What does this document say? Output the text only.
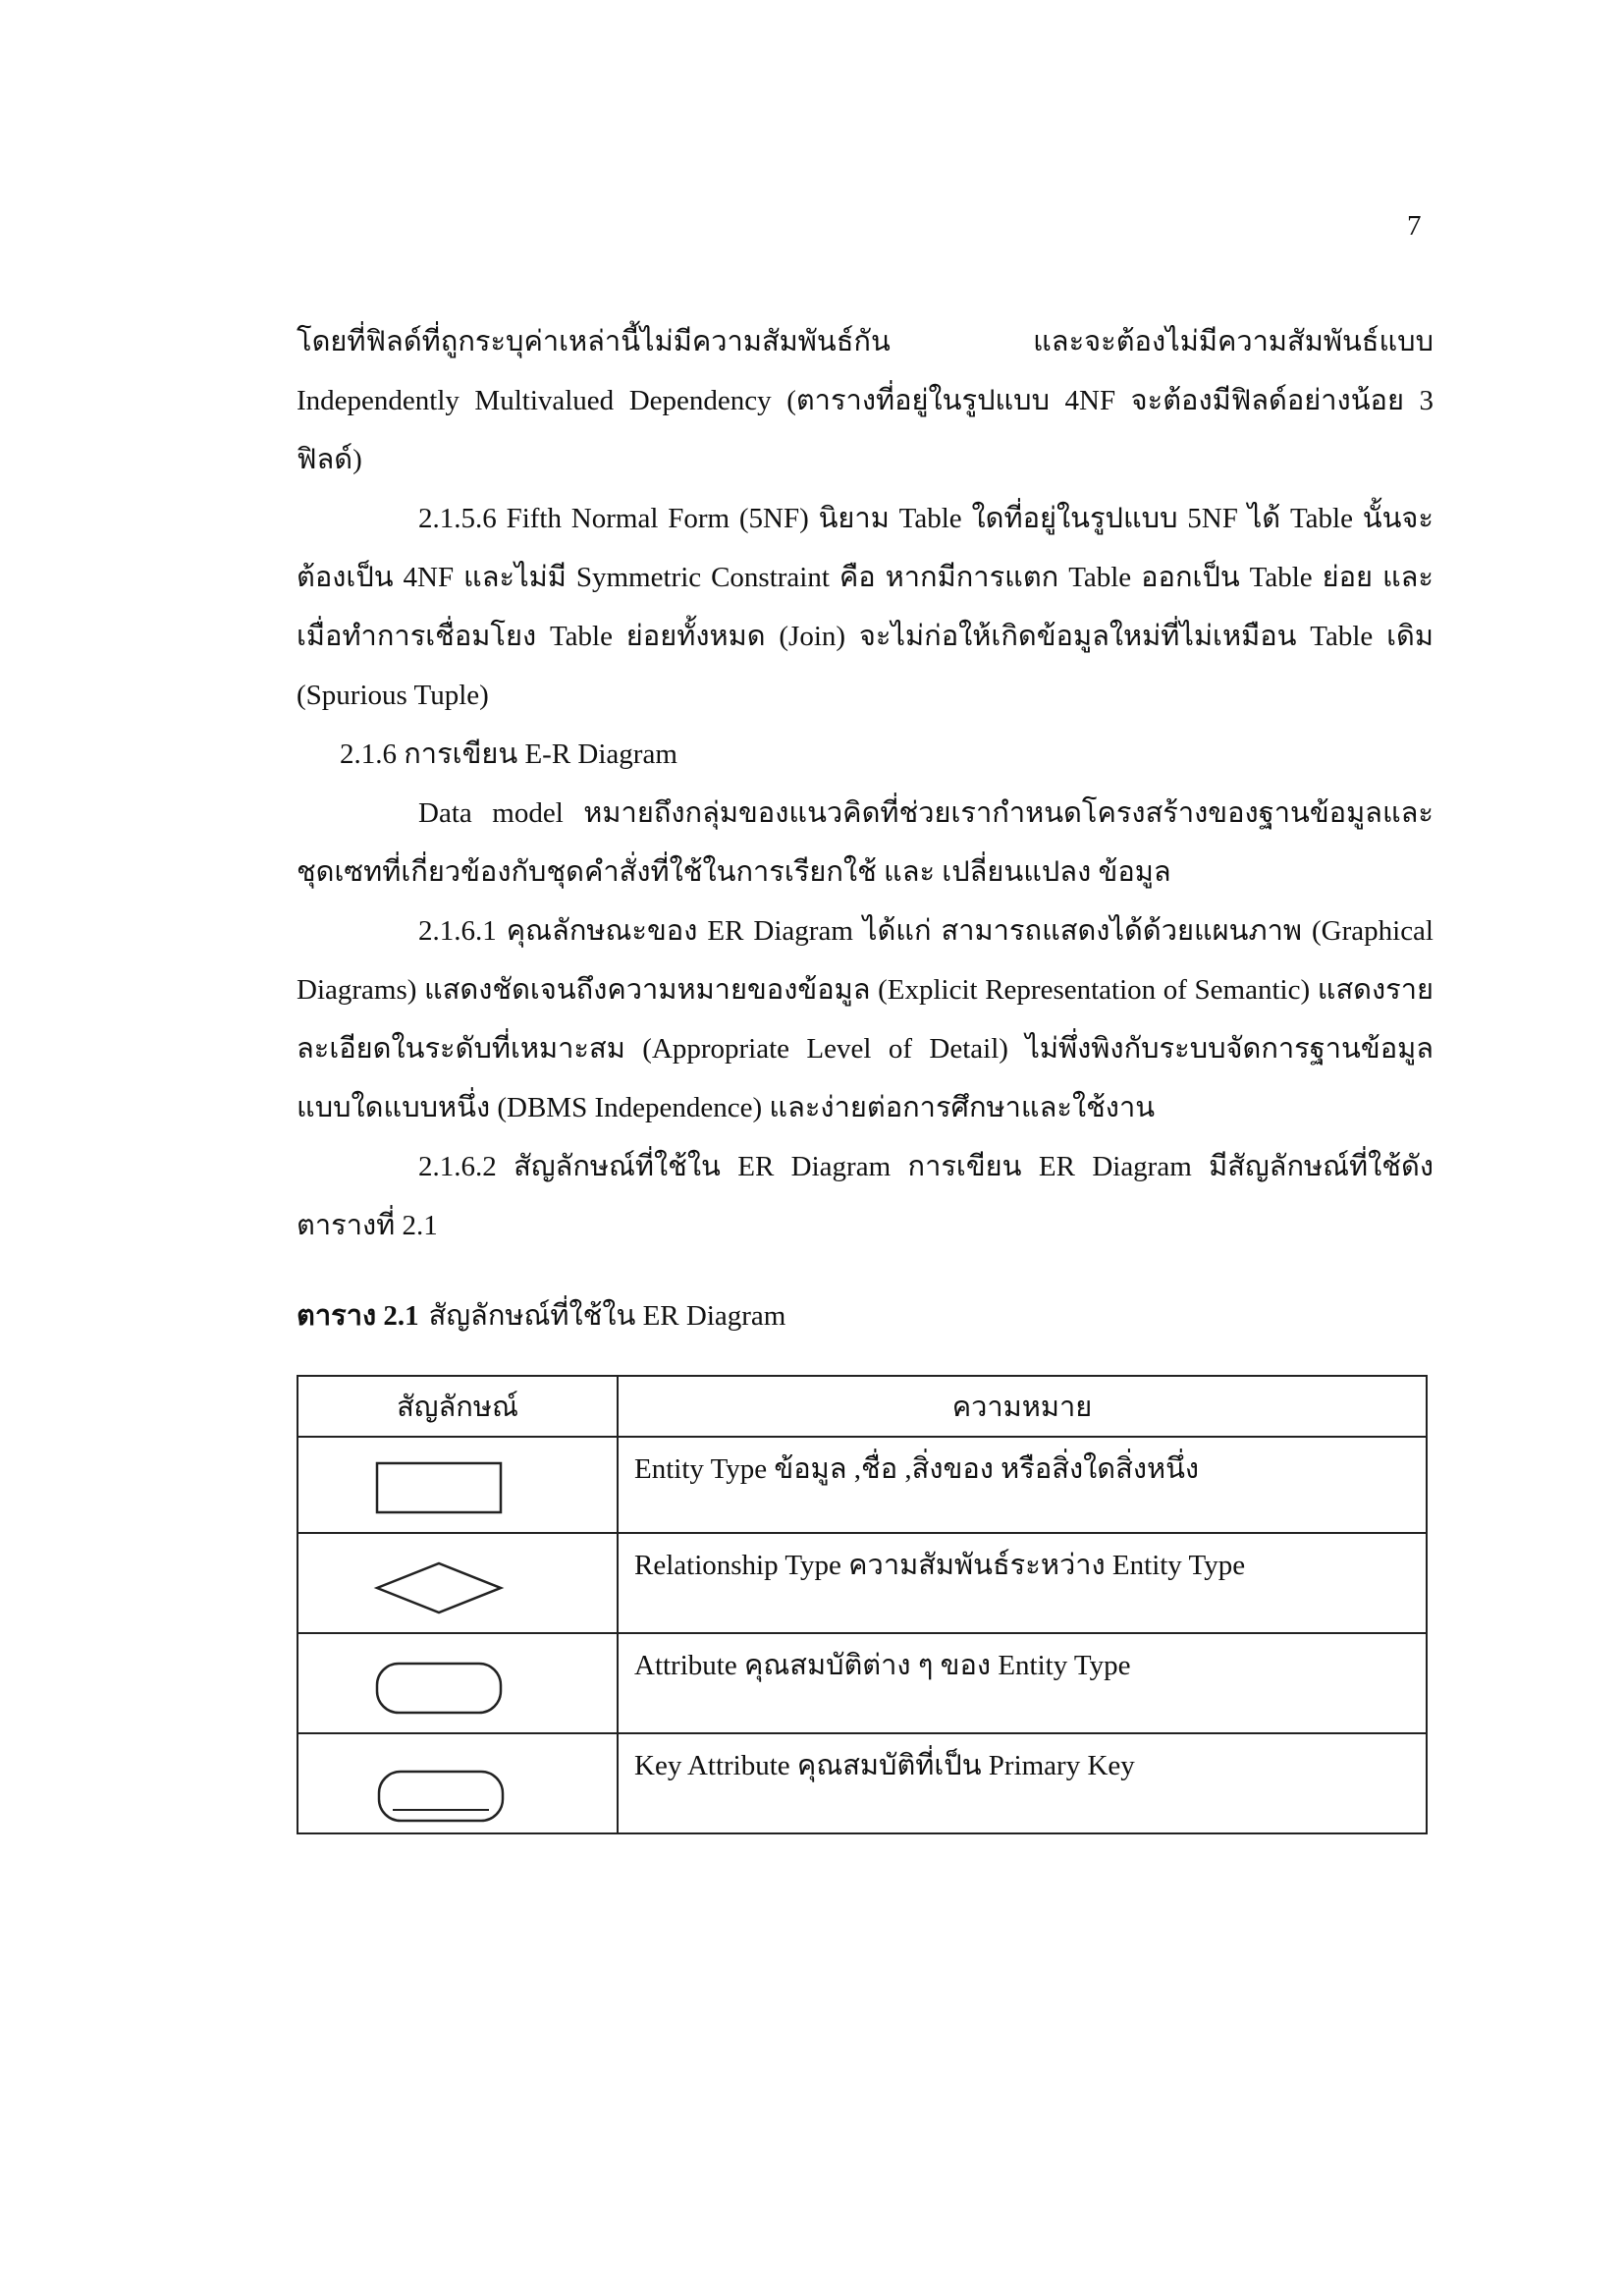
7

โดยที่ฟิลด์ที่ถูกระบุค่าเหล่านี้ไม่มีความสัมพันธ์กัน และจะต้องไม่มีความสัมพันธ์แบบ Independently Multivalued Dependency (ตารางที่อยู่ในรูปแบบ 4NF จะต้องมีฟิลด์อย่างน้อย 3 ฟิลด์)

2.1.5.6 Fifth Normal Form (5NF) นิยาม Table ใดที่อยู่ในรูปแบบ 5NF ได้ Table นั้นจะต้องเป็น 4NF และไม่มี Symmetric Constraint คือ หากมีการแตก Table ออกเป็น Table ย่อย และเมื่อทำการเชื่อมโยง Table ย่อยทั้งหมด (Join) จะไม่ก่อให้เกิดข้อมูลใหม่ที่ไม่เหมือน Table เดิม (Spurious Tuple)

2.1.6 การเขียน E-R Diagram

Data model หมายถึงกลุ่มของแนวคิดที่ช่วยเรากำหนดโครงสร้างของฐานข้อมูลและ ชุดเซทที่เกี่ยวข้องกับชุดคำสั่งที่ใช้ในการเรียกใช้ และ เปลี่ยนแปลง ข้อมูล

2.1.6.1 คุณลักษณะของ ER Diagram ได้แก่ สามารถแสดงได้ด้วยแผนภาพ (Graphical Diagrams) แสดงชัดเจนถึงความหมายของข้อมูล (Explicit Representation of Semantic) แสดงรายละเอียดในระดับที่เหมาะสม (Appropriate Level of Detail) ไม่พึ่งพิงกับระบบจัดการฐานข้อมูลแบบใดแบบหนึ่ง (DBMS Independence) และง่ายต่อการศึกษาและใช้งาน

2.1.6.2 สัญลักษณ์ที่ใช้ใน ER Diagram การเขียน ER Diagram มีสัญลักษณ์ที่ใช้ดังตารางที่ 2.1

ตาราง 2.1 สัญลักษณ์ที่ใช้ใน ER Diagram

สัญลักษณ์	ความหมาย

	Entity Type ข้อมูล ,ชื่อ ,สิ่งของ หรือสิ่งใดสิ่งหนึ่ง

	Relationship Type ความสัมพันธ์ระหว่าง Entity Type

	Attribute คุณสมบัติต่าง ๆ ของ Entity Type

	Key Attribute คุณสมบัติที่เป็น Primary Key
